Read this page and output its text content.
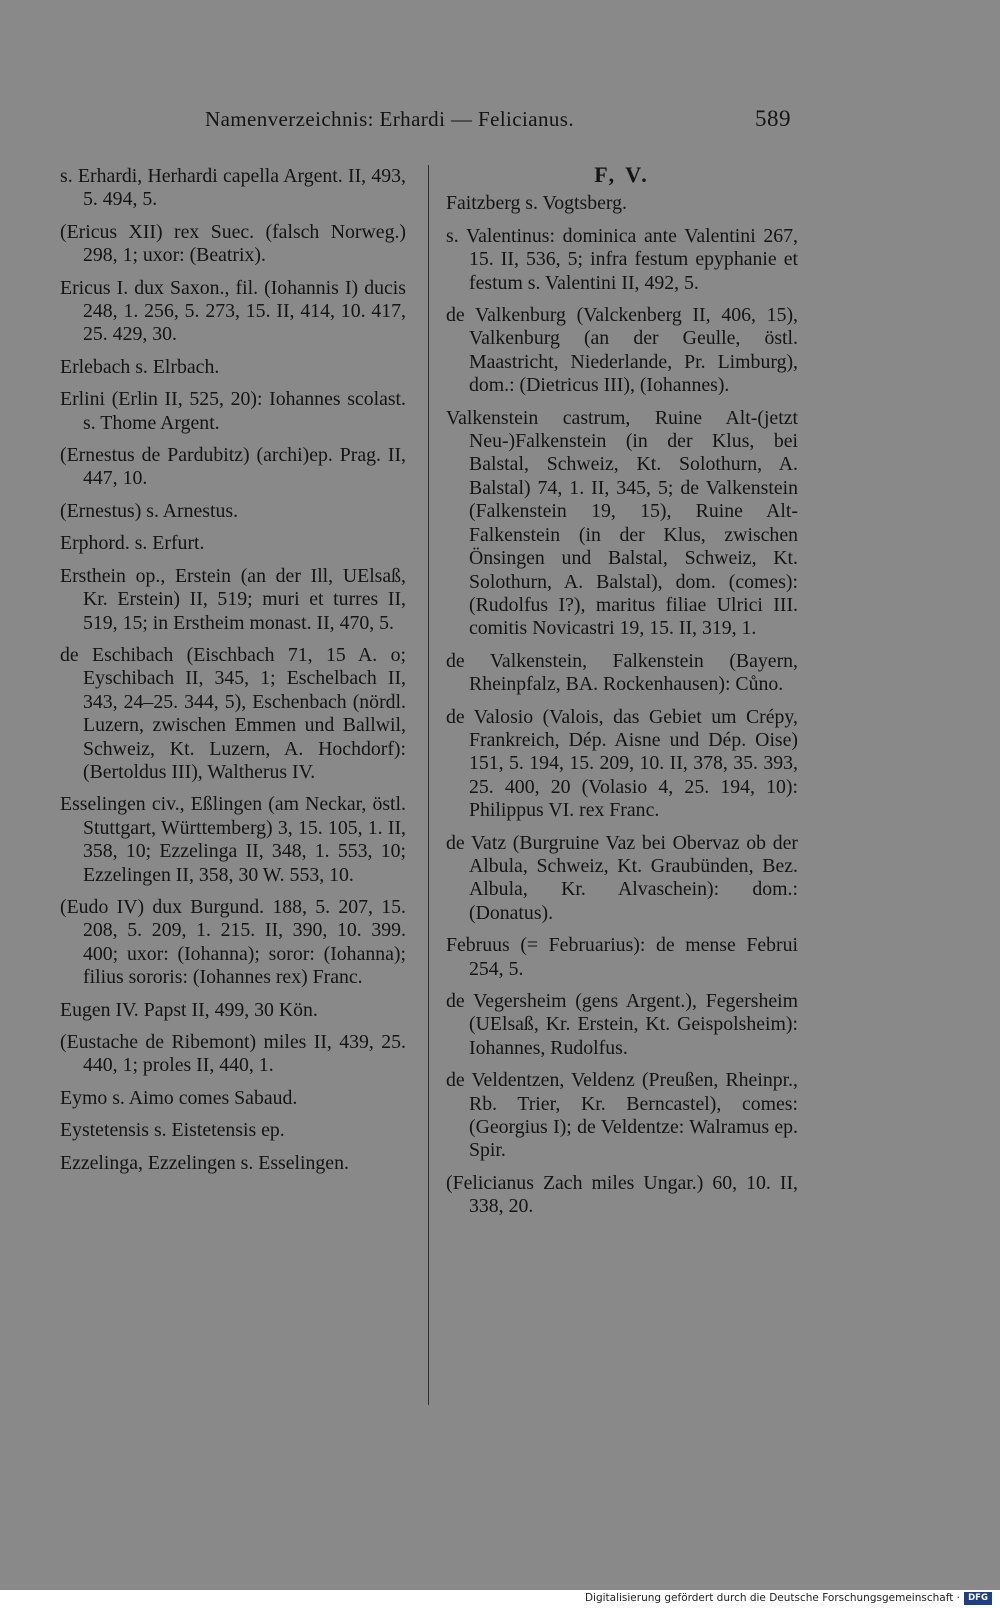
Namenverzeichnis: Erhardi — Felicianus.	589

s. Erhardi, Herhardi capella Argent. II, 493, 5. 494, 5.

(Ericus XII) rex Suec. (falsch Norweg.) 298, 1; uxor: (Beatrix).

Ericus I. dux Saxon., fil. (Iohannis I) ducis 248, 1. 256, 5. 273, 15. II, 414, 10. 417, 25. 429, 30.

Erlebach s. Elrbach.

Erlini (Erlin II, 525, 20): Iohannes scolast. s. Thome Argent.

(Ernestus de Pardubitz) (archi)ep. Prag. II, 447, 10.

(Ernestus) s. Arnestus.

Erphord. s. Erfurt.

Ersthein op., Erstein (an der Ill, UElsaß, Kr. Erstein) II, 519; muri et turres II, 519, 15; in Erstheim monast. II, 470, 5.

de Eschibach (Eischbach 71, 15 A. o; Eyschibach II, 345, 1; Eschelbach II, 343, 24–25. 344, 5), Eschenbach (nördl. Luzern, zwischen Emmen und Ballwil, Schweiz, Kt. Luzern, A. Hochdorf): (Bertoldus III), Waltherus IV.

Esselingen civ., Eßlingen (am Neckar, östl. Stuttgart, Württemberg) 3, 15. 105, 1. II, 358, 10; Ezzelinga II, 348, 1. 553, 10; Ezzelingen II, 358, 30 W. 553, 10.

(Eudo IV) dux Burgund. 188, 5. 207, 15. 208, 5. 209, 1. 215. II, 390, 10. 399. 400; uxor: (Iohanna); soror: (Iohanna); filius sororis: (Iohannes rex) Franc.

Eugen IV. Papst II, 499, 30 Kön.

(Eustache de Ribemont) miles II, 439, 25. 440, 1; proles II, 440, 1.

Eymo s. Aimo comes Sabaud.

Eystetensis s. Eistetensis ep.

Ezzelinga, Ezzelingen s. Esselingen.

F, V.

Faitzberg s. Vogtsberg.

s. Valentinus: dominica ante Valentini 267, 15. II, 536, 5; infra festum epyphanie et festum s. Valentini II, 492, 5.

de Valkenburg (Valckenberg II, 406, 15), Valkenburg (an der Geulle, östl. Maastricht, Niederlande, Pr. Limburg), dom.: (Dietricus III), (Iohannes).

Valkenstein castrum, Ruine Alt-(jetzt Neu-)Falkenstein (in der Klus, bei Balstal, Schweiz, Kt. Solothurn, A. Balstal) 74, 1. II, 345, 5; de Valkenstein (Falkenstein 19, 15), Ruine Alt-Falkenstein (in der Klus, zwischen Önsingen und Balstal, Schweiz, Kt. Solothurn, A. Balstal), dom. (comes): (Rudolfus I?), maritus filiae Ulrici III. comitis Novicastri 19, 15. II, 319, 1.

de Valkenstein, Falkenstein (Bayern, Rheinpfalz, BA. Rockenhausen): Cůno.

de Valosio (Valois, das Gebiet um Crépy, Frankreich, Dép. Aisne und Dép. Oise) 151, 5. 194, 15. 209, 10. II, 378, 35. 393, 25. 400, 20 (Volasio 4, 25. 194, 10): Philippus VI. rex Franc.

de Vatz (Burgruine Vaz bei Obervaz ob der Albula, Schweiz, Kt. Graubünden, Bez. Albula, Kr. Alvaschein): dom.: (Donatus).

Februus (= Februarius): de mense Februi 254, 5.

de Vegersheim (gens Argent.), Fegersheim (UElsaß, Kr. Erstein, Kt. Geispolsheim): Iohannes, Rudolfus.

de Veldentzen, Veldenz (Preußen, Rheinpr., Rb. Trier, Kr. Berncastel), comes: (Georgius I); de Veldentze: Walramus ep. Spir.

(Felicianus Zach miles Ungar.) 60, 10. II, 338, 20.

Digitalisierung gefördert durch die Deutsche Forschungsgemeinschaft · DFG
